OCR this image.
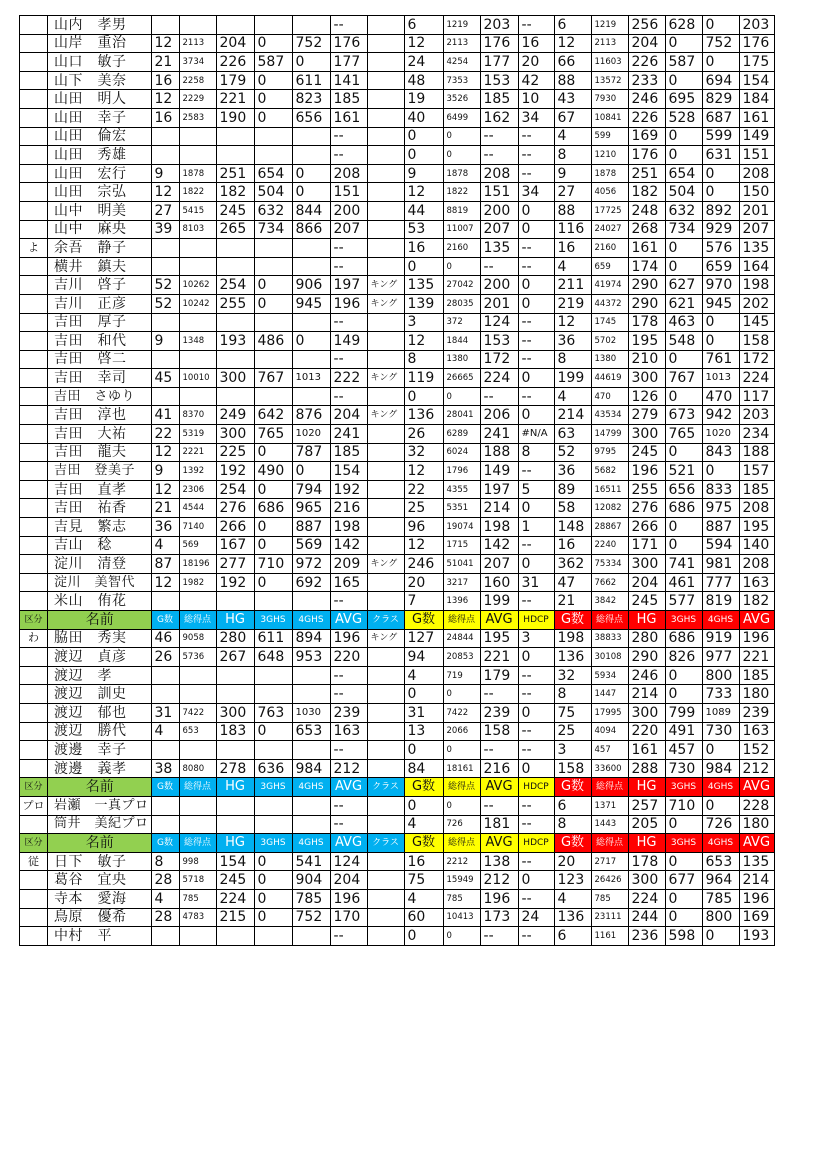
	山内　孝男						--		6	1219	203	--	6	1219	256	628	0	203
	山岸　重治	12	2113	204	0	752	176		12	2113	176	16	12	2113	204	0	752	176
	山口　敏子	21	3734	226	587	0	177		24	4254	177	20	66	11603	226	587	0	175
	山下　美奈	16	2258	179	0	611	141		48	7353	153	42	88	13572	233	0	694	154
	山田　明人	12	2229	221	0	823	185		19	3526	185	10	43	7930	246	695	829	184
	山田　幸子	16	2583	190	0	656	161		40	6499	162	34	67	10841	226	528	687	161
	山田　倫宏						--		0	0	--	--	4	599	169	0	599	149
	山田　秀雄						--		0	0	--	--	8	1210	176	0	631	151
	山田　宏行	9	1878	251	654	0	208		9	1878	208	--	9	1878	251	654	0	208
	山田　宗弘	12	1822	182	504	0	151		12	1822	151	34	27	4056	182	504	0	150
	山中　明美	27	5415	245	632	844	200		44	8819	200	0	88	17725	248	632	892	201
	山中　麻央	39	8103	265	734	866	207		53	11007	207	0	116	24027	268	734	929	207
よ	余吾　静子						--		16	2160	135	--	16	2160	161	0	576	135
	横井　鎮夫						--		0	0	--	--	4	659	174	0	659	164
	吉川　啓子	52	10262	254	0	906	197	キング	135	27042	200	0	211	41974	290	627	970	198
	吉川　正彦	52	10242	255	0	945	196	キング	139	28035	201	0	219	44372	290	621	945	202
	吉田　厚子						--		3	372	124	--	12	1745	178	463	0	145
	吉田　和代	9	1348	193	486	0	149		12	1844	153	--	36	5702	195	548	0	158
	吉田　啓二						--		8	1380	172	--	8	1380	210	0	761	172
	吉田　幸司	45	10010	300	767	1013	222	キング	119	26665	224	0	199	44619	300	767	1013	224
	吉田　さゆり						--		0	0	--	--	4	470	126	0	470	117
	吉田　淳也	41	8370	249	642	876	204	キング	136	28041	206	0	214	43534	279	673	942	203
	吉田　大祐	22	5319	300	765	1020	241		26	6289	241	#N/A	63	14799	300	765	1020	234
	吉田　龍夫	12	2221	225	0	787	185		32	6024	188	8	52	9795	245	0	843	188
	吉田　登美子	9	1392	192	490	0	154		12	1796	149	--	36	5682	196	521	0	157
	吉田　直孝	12	2306	254	0	794	192		22	4355	197	5	89	16511	255	656	833	185
	吉田　祐香	21	4544	276	686	965	216		25	5351	214	0	58	12082	276	686	975	208
	吉見　繁志	36	7140	266	0	887	198		96	19074	198	1	148	28867	266	0	887	195
	吉山　稔	4	569	167	0	569	142		12	1715	142	--	16	2240	171	0	594	140
	淀川　清登	87	18196	277	710	972	209	キング	246	51041	207	0	362	75334	300	741	981	208
	淀川　美智代	12	1982	192	0	692	165		20	3217	160	31	47	7662	204	461	777	163
	米山　侑花						--		7	1396	199	--	21	3842	245	577	819	182
区分	名前	G数	総得点	HG	3GHS	4GHS	AVG	クラス	G数	総得点	AVG	HDCP	G数	総得点	HG	3GHS	4GHS	AVG
わ	脇田　秀実	46	9058	280	611	894	196	キング	127	24844	195	3	198	38833	280	686	919	196
	渡辺　貞彦	26	5736	267	648	953	220		94	20853	221	0	136	30108	290	826	977	221
	渡辺　孝						--		4	719	179	--	32	5934	246	0	800	185
	渡辺　訓史						--		0	0	--	--	8	1447	214	0	733	180
	渡辺　郁也	31	7422	300	763	1030	239		31	7422	239	0	75	17995	300	799	1089	239
	渡辺　勝代	4	653	183	0	653	163		13	2066	158	--	25	4094	220	491	730	163
	渡邊　幸子						--		0	0	--	--	3	457	161	457	0	152
	渡邊　義孝	38	8080	278	636	984	212		84	18161	216	0	158	33600	288	730	984	212
区分	名前	G数	総得点	HG	3GHS	4GHS	AVG	クラス	G数	総得点	AVG	HDCP	G数	総得点	HG	3GHS	4GHS	AVG
プロ	岩瀬　一真プロ						--		0	0	--	--	6	1371	257	710	0	228
	筒井　美紀プロ						--		4	726	181	--	8	1443	205	0	726	180
区分	名前	G数	総得点	HG	3GHS	4GHS	AVG	クラス	G数	総得点	AVG	HDCP	G数	総得点	HG	3GHS	4GHS	AVG
従	日下　敏子	8	998	154	0	541	124		16	2212	138	--	20	2717	178	0	653	135
	葛谷　宜央	28	5718	245	0	904	204		75	15949	212	0	123	26426	300	677	964	214
	寺本　愛海	4	785	224	0	785	196		4	785	196	--	4	785	224	0	785	196
	鳥原　優希	28	4783	215	0	752	170		60	10413	173	24	136	23111	244	0	800	169
	中村　平						--		0	0	--	--	6	1161	236	598	0	193
